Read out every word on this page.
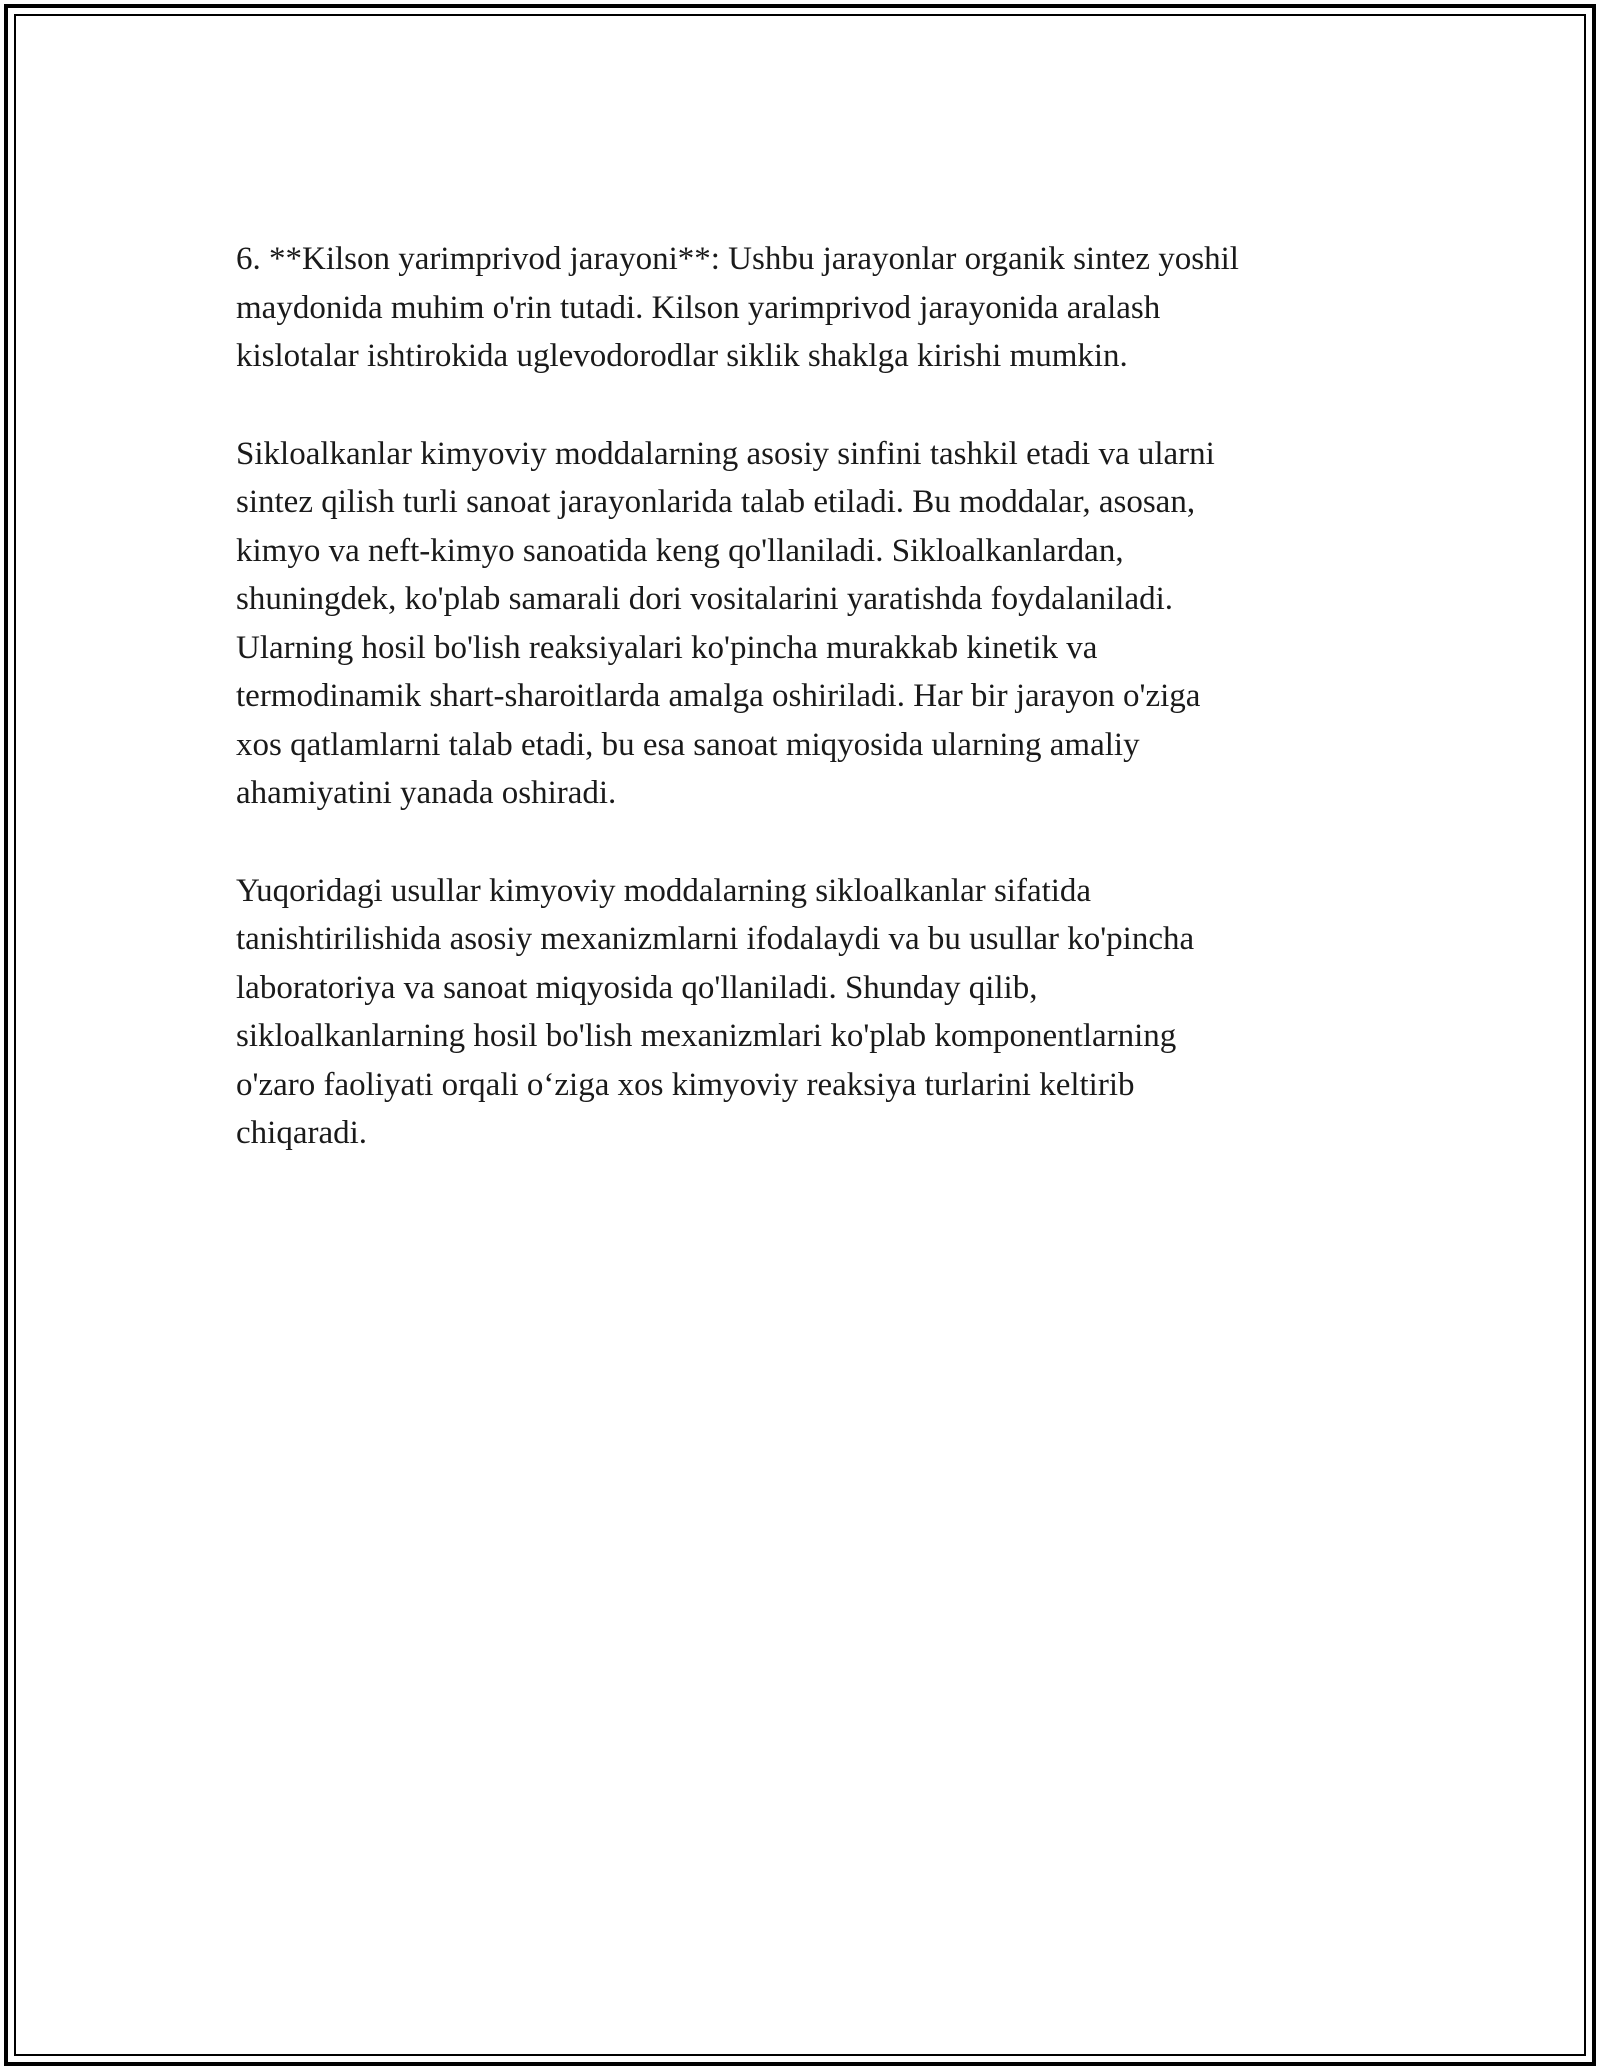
6. **Kilson yarimprivod jarayoni**: Ushbu jarayonlar organik sintez yoshil
maydonida muhim o'rin tutadi. Kilson yarimprivod jarayonida aralash
kislotalar ishtirokida uglevodorodlar siklik shaklga kirishi mumkin.

Sikloalkanlar kimyoviy moddalarning asosiy sinfini tashkil etadi va ularni
sintez qilish turli sanoat jarayonlarida talab etiladi. Bu moddalar, asosan,
kimyo va neft-kimyo sanoatida keng qo'llaniladi. Sikloalkanlardan,
shuningdek, ko'plab samarali dori vositalarini yaratishda foydalaniladi.
Ularning hosil bo'lish reaksiyalari ko'pincha murakkab kinetik va
termodinamik shart-sharoitlarda amalga oshiriladi. Har bir jarayon o'ziga
xos qatlamlarni talab etadi, bu esa sanoat miqyosida ularning amaliy
ahamiyatini yanada oshiradi.

Yuqoridagi usullar kimyoviy moddalarning sikloalkanlar sifatida
tanishtirilishida asosiy mexanizmlarni ifodalaydi va bu usullar ko'pincha
laboratoriya va sanoat miqyosida qo'llaniladi. Shunday qilib,
sikloalkanlarning hosil bo'lish mexanizmlari ko'plab komponentlarning
o'zaro faoliyati orqali o‘ziga xos kimyoviy reaksiya turlarini keltirib
chiqaradi.
